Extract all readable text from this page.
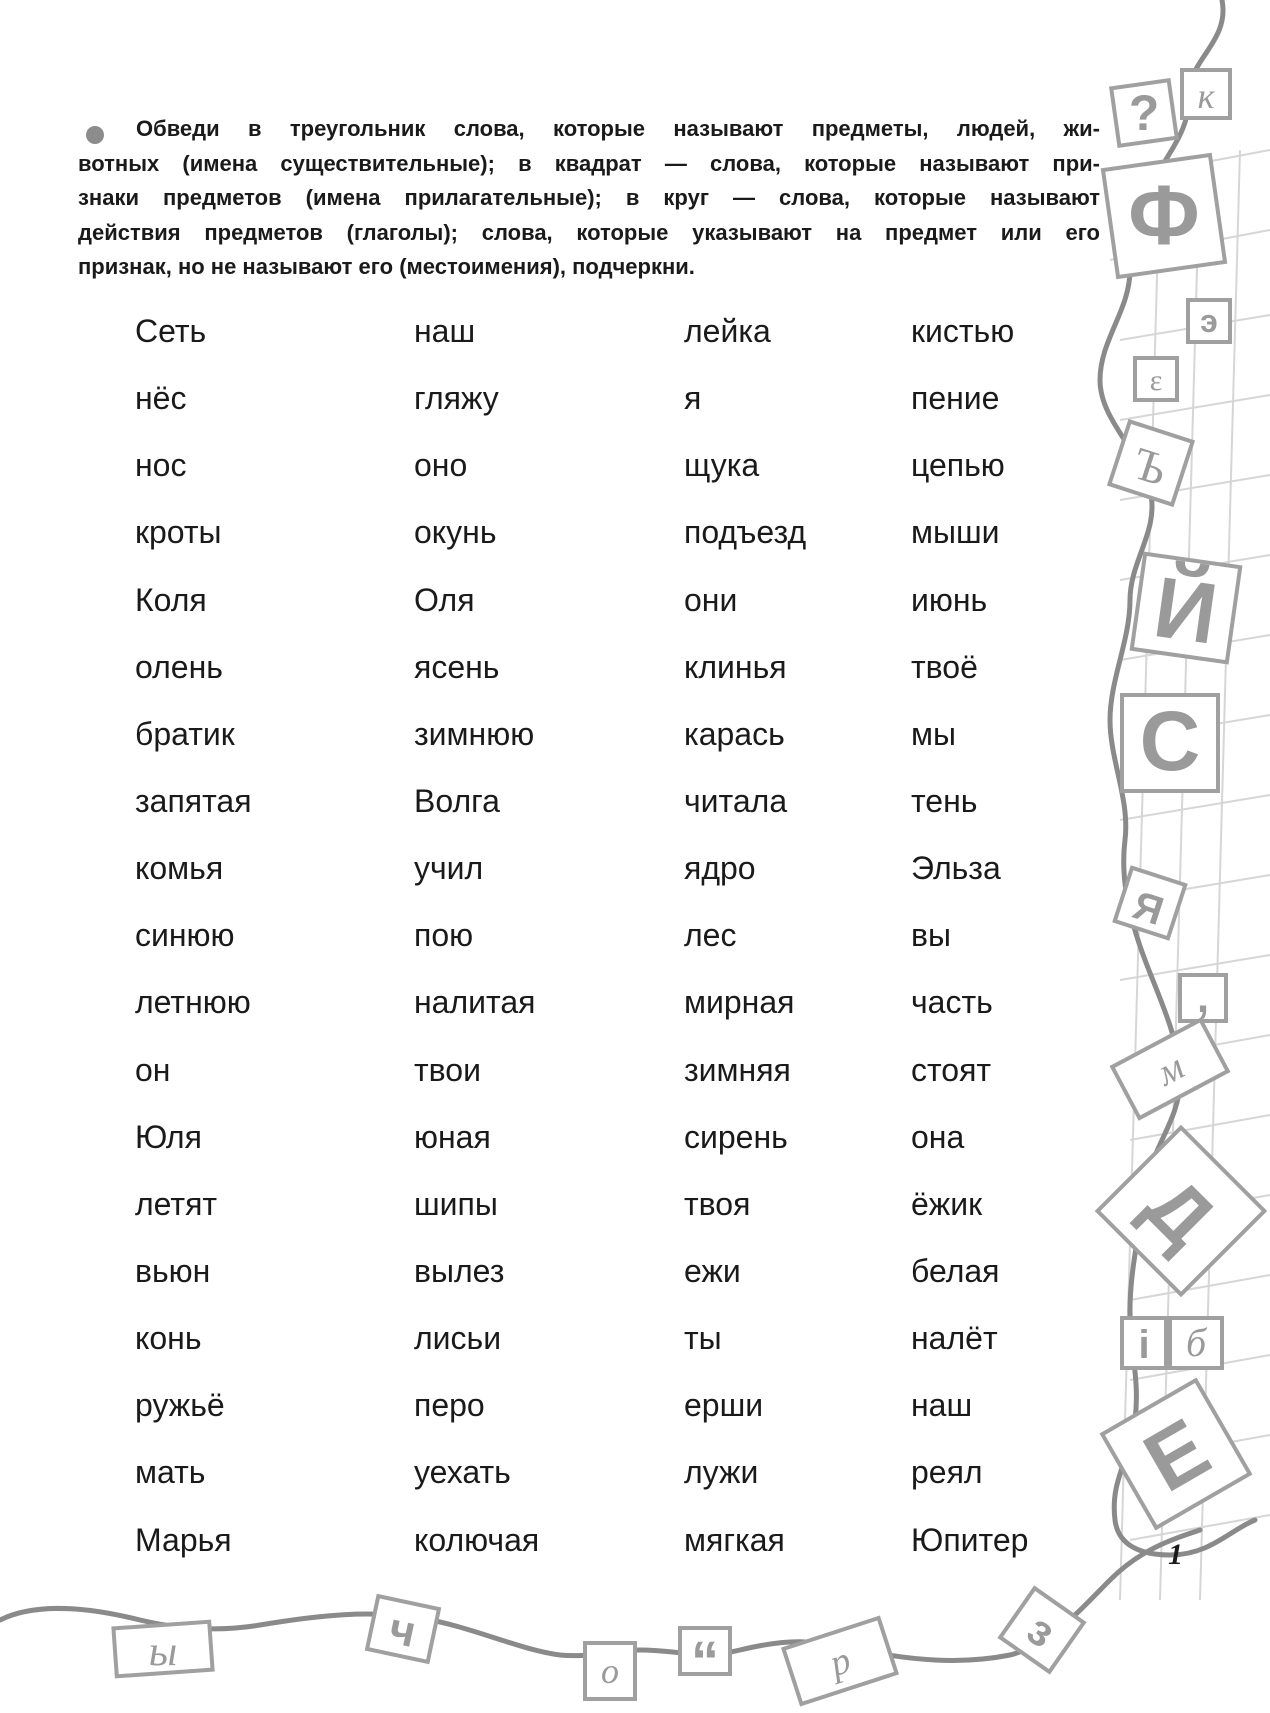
Обведи в треугольник слова, которые называют предметы, людей, жи-
вотных (имена существительные); в квадрат — слова, которые называют при-
знаки предметов (имена прилагательные); в круг — слова, которые называют
действия предметов (глаголы); слова, которые указывают на предмет или его
признак, но не называют его (местоимения), подчеркни.
Сеть
нёс
нос
кроты
Коля
олень
братик
запятая
комья
синюю
летнюю
он
Юля
летят
вьюн
конь
ружьё
мать
Марья
наш
гляжу
оно
окунь
Оля
ясень
зимнюю
Волга
учил
пою
налитая
твои
юная
шипы
вылез
лисьи
перо
уехать
колючая
лейка
я
щука
подъезд
они
клинья
карась
читала
ядро
лес
мирная
зимняя
сирень
твоя
ежи
ты
ерши
лужи
мягкая
кистью
пение
цепью
мыши
июнь
твоё
мы
тень
Эльза
вы
часть
стоят
она
ёжик
белая
налёт
наш
реял
Юпитер
? к
Ф
э
ε
Ъ
Й
С
Я
,
м
Д
і б
Е
ы	ч
о “	р
з
1
